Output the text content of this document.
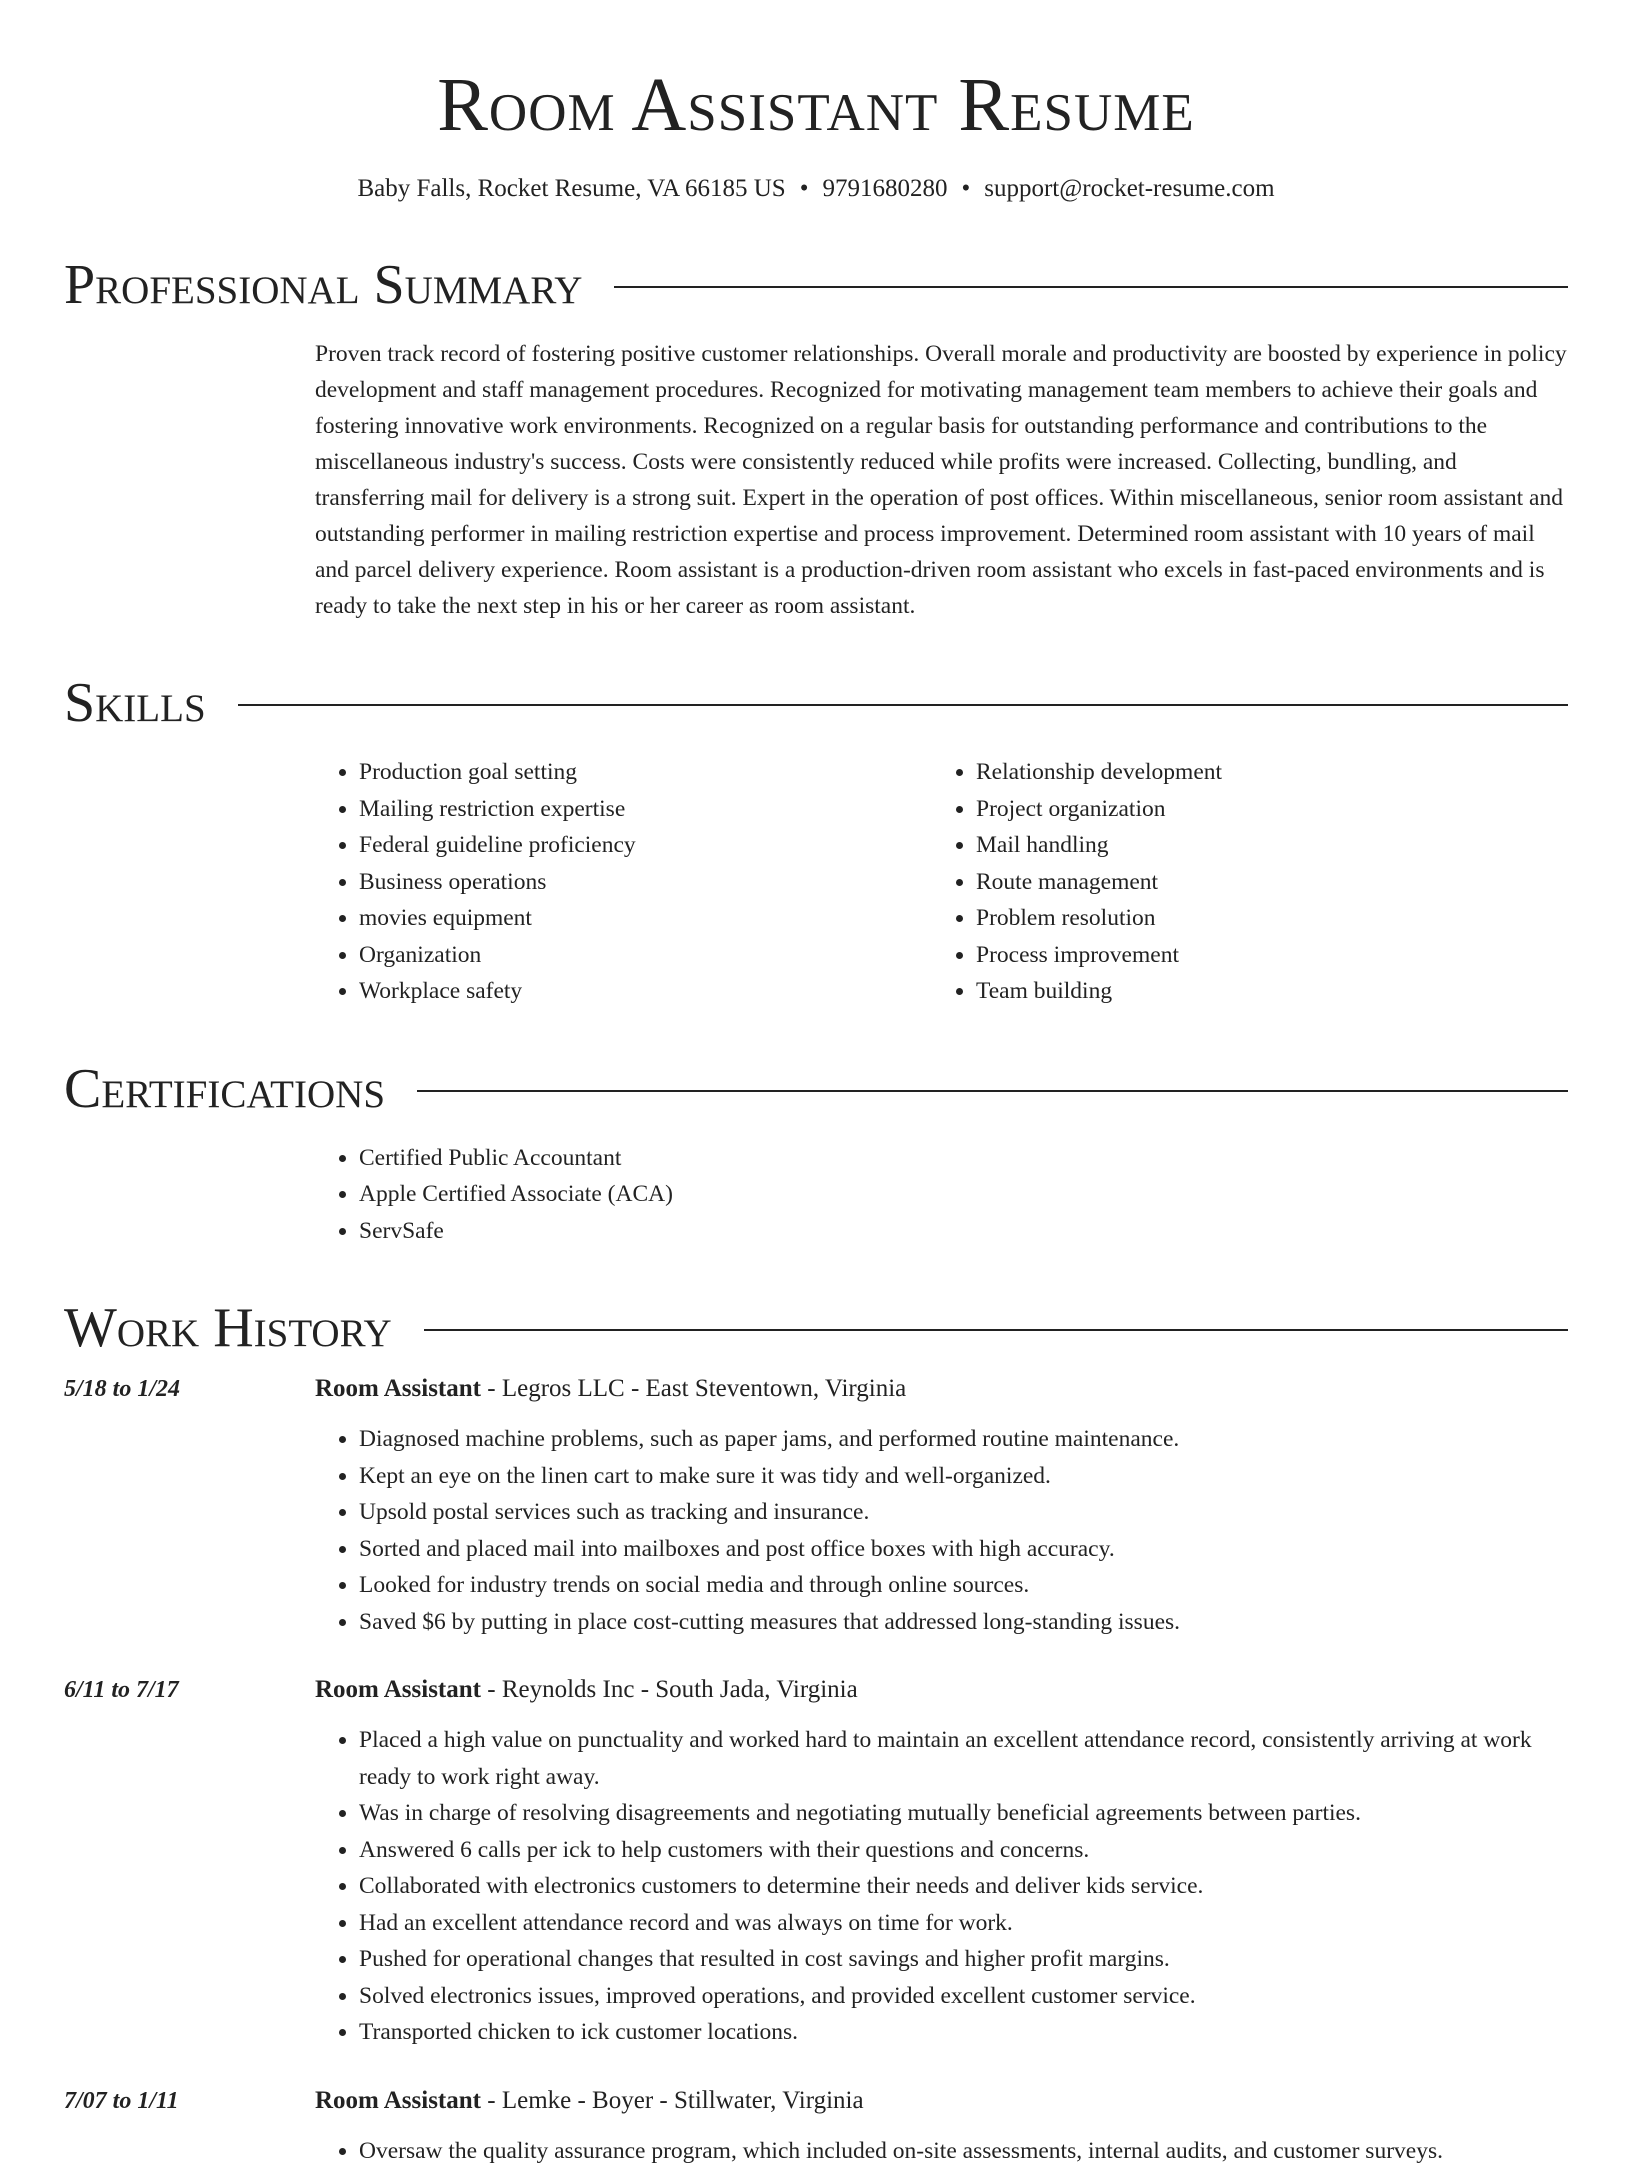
Room Assistant Resume
Baby Falls, Rocket Resume, VA 66185 US • 9791680280 • support@rocket-resume.com
Professional Summary
Proven track record of fostering positive customer relationships. Overall morale and productivity are boosted by experience in policy development and staff management procedures. Recognized for motivating management team members to achieve their goals and fostering innovative work environments. Recognized on a regular basis for outstanding performance and contributions to the miscellaneous industry's success. Costs were consistently reduced while profits were increased. Collecting, bundling, and transferring mail for delivery is a strong suit. Expert in the operation of post offices. Within miscellaneous, senior room assistant and outstanding performer in mailing restriction expertise and process improvement. Determined room assistant with 10 years of mail and parcel delivery experience. Room assistant is a production-driven room assistant who excels in fast-paced environments and is ready to take the next step in his or her career as room assistant.
Skills
• Production goal setting
• Mailing restriction expertise
• Federal guideline proficiency
• Business operations
• movies equipment
• Organization
• Workplace safety
• Relationship development
• Project organization
• Mail handling
• Route management
• Problem resolution
• Process improvement
• Team building
Certifications
• Certified Public Accountant
• Apple Certified Associate (ACA)
• ServSafe
Work History
5/18 to 1/24	Room Assistant - Legros LLC - East Steventown, Virginia
• Diagnosed machine problems, such as paper jams, and performed routine maintenance.
• Kept an eye on the linen cart to make sure it was tidy and well-organized.
• Upsold postal services such as tracking and insurance.
• Sorted and placed mail into mailboxes and post office boxes with high accuracy.
• Looked for industry trends on social media and through online sources.
• Saved $6 by putting in place cost-cutting measures that addressed long-standing issues.
6/11 to 7/17	Room Assistant - Reynolds Inc - South Jada, Virginia
• Placed a high value on punctuality and worked hard to maintain an excellent attendance record, consistently arriving at work ready to work right away.
• Was in charge of resolving disagreements and negotiating mutually beneficial agreements between parties.
• Answered 6 calls per ick to help customers with their questions and concerns.
• Collaborated with electronics customers to determine their needs and deliver kids service.
• Had an excellent attendance record and was always on time for work.
• Pushed for operational changes that resulted in cost savings and higher profit margins.
• Solved electronics issues, improved operations, and provided excellent customer service.
• Transported chicken to ick customer locations.
7/07 to 1/11	Room Assistant - Lemke - Boyer - Stillwater, Virginia
• Oversaw the quality assurance program, which included on-site assessments, internal audits, and customer surveys.
